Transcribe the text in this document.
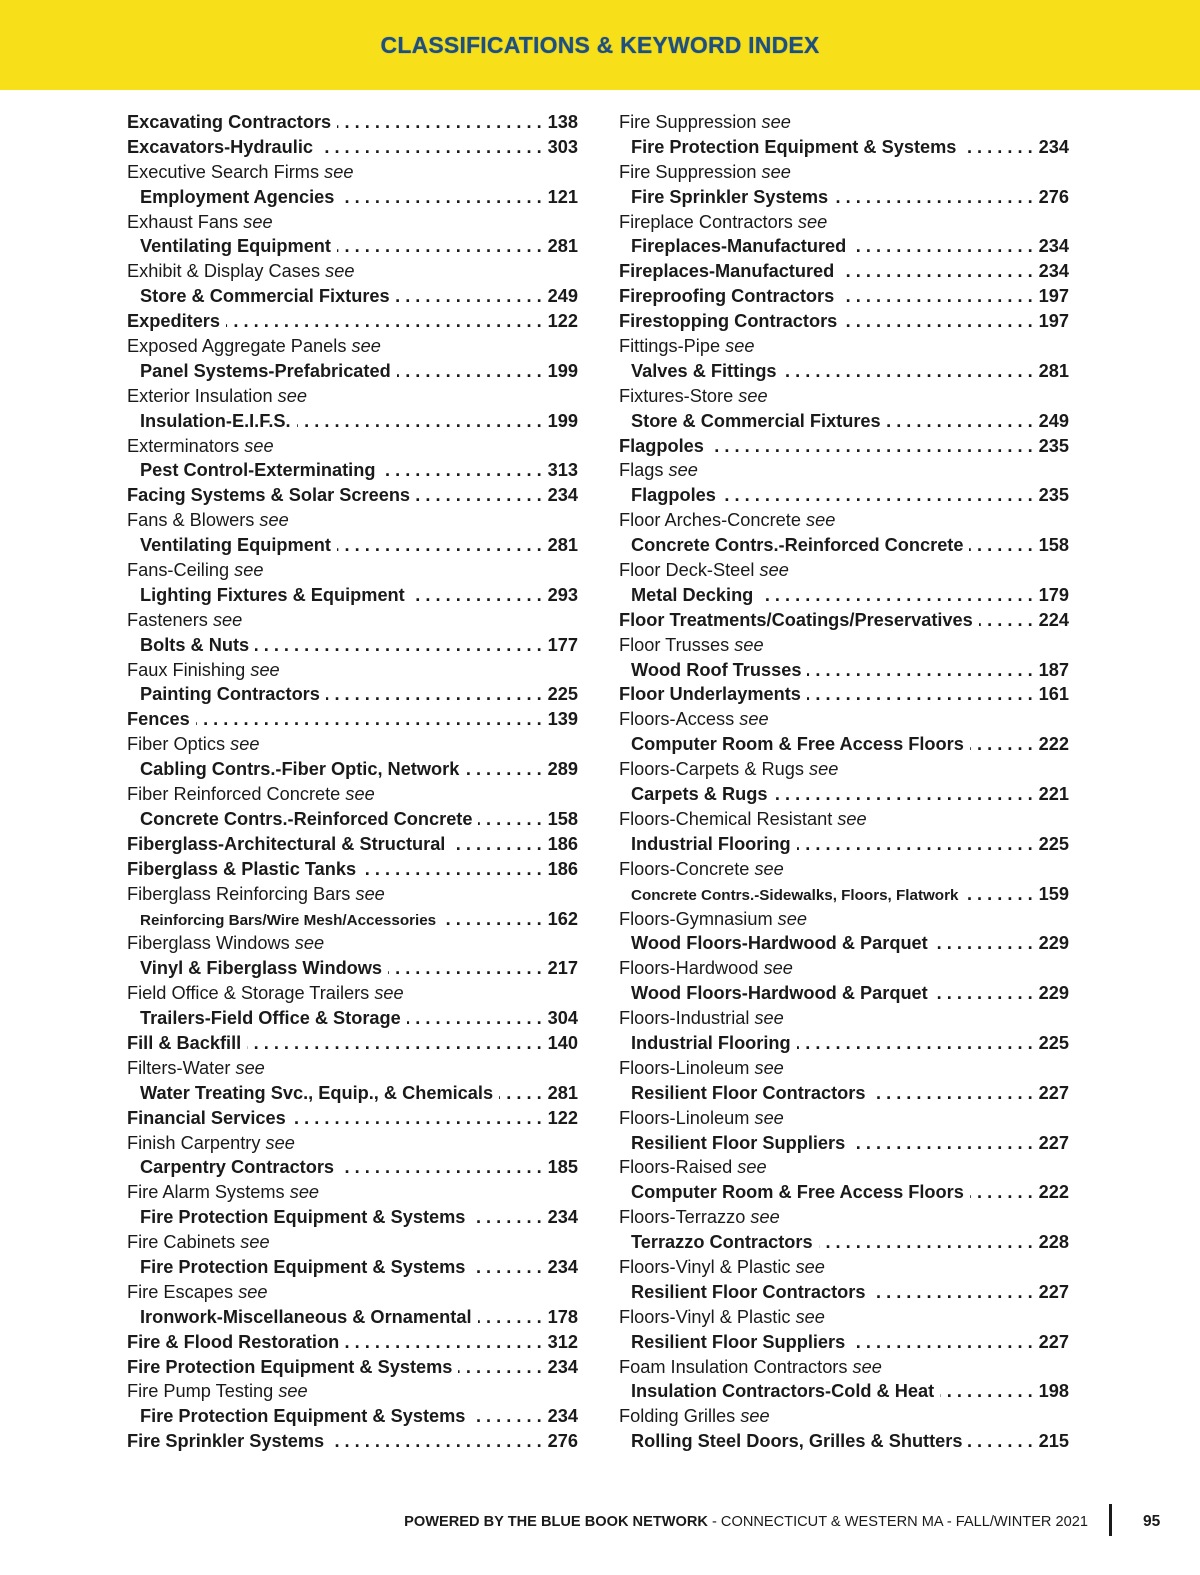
CLASSIFICATIONS & KEYWORD INDEX
Excavating Contractors . . .	138
Excavators-Hydraulic . . .	303
Executive Search Firms see
Employment Agencies . . .	121
Exhaust Fans see
Ventilating Equipment . . .	281
Exhibit & Display Cases see
Store & Commercial Fixtures . . .	249
Expediters . . .	122
Exposed Aggregate Panels see
Panel Systems-Prefabricated . . .	199
Exterior Insulation see
Insulation-E.I.F.S. . . .	199
Exterminators see
Pest Control-Exterminating . . .	313
Facing Systems & Solar Screens . . .	234
Fans & Blowers see
Ventilating Equipment . . .	281
Fans-Ceiling see
Lighting Fixtures & Equipment . . .	293
Fasteners see
Bolts & Nuts . . .	177
Faux Finishing see
Painting Contractors . . .	225
Fences . . .	139
Fiber Optics see
Cabling Contrs.-Fiber Optic, Network . . .	289
Fiber Reinforced Concrete see
Concrete Contrs.-Reinforced Concrete . . .	158
Fiberglass-Architectural & Structural . . .	186
Fiberglass & Plastic Tanks . . .	186
Fiberglass Reinforcing Bars see
Reinforcing Bars/Wire Mesh/Accessories . . .	162
Fiberglass Windows see
Vinyl & Fiberglass Windows . . .	217
Field Office & Storage Trailers see
Trailers-Field Office & Storage . . .	304
Fill & Backfill . . .	140
Filters-Water see
Water Treating Svc., Equip., & Chemicals . . .	281
Financial Services . . .	122
Finish Carpentry see
Carpentry Contractors . . .	185
Fire Alarm Systems see
Fire Protection Equipment & Systems . . .	234
Fire Cabinets see
Fire Protection Equipment & Systems . . .	234
Fire Escapes see
Ironwork-Miscellaneous & Ornamental . . .	178
Fire & Flood Restoration . . .	312
Fire Protection Equipment & Systems . . .	234
Fire Pump Testing see
Fire Protection Equipment & Systems . . .	234
Fire Sprinkler Systems . . .	276
Fire Suppression see
Fire Protection Equipment & Systems . . .	234
Fire Suppression see
Fire Sprinkler Systems . . .	276
Fireplace Contractors see
Fireplaces-Manufactured . . .	234
Fireplaces-Manufactured . . .	234
Fireproofing Contractors . . .	197
Firestopping Contractors . . .	197
Fittings-Pipe see
Valves & Fittings . . .	281
Fixtures-Store see
Store & Commercial Fixtures . . .	249
Flagpoles . . .	235
Flags see
Flagpoles . . .	235
Floor Arches-Concrete see
Concrete Contrs.-Reinforced Concrete . . .	158
Floor Deck-Steel see
Metal Decking . . .	179
Floor Treatments/Coatings/Preservatives . . .	224
Floor Trusses see
Wood Roof Trusses . . .	187
Floor Underlayments . . .	161
Floors-Access see
Computer Room & Free Access Floors . . .	222
Floors-Carpets & Rugs see
Carpets & Rugs . . .	221
Floors-Chemical Resistant see
Industrial Flooring . . .	225
Floors-Concrete see
Concrete Contrs.-Sidewalks, Floors, Flatwork . . .	159
Floors-Gymnasium see
Wood Floors-Hardwood & Parquet . . .	229
Floors-Hardwood see
Wood Floors-Hardwood & Parquet . . .	229
Floors-Industrial see
Industrial Flooring . . .	225
Floors-Linoleum see
Resilient Floor Contractors . . .	227
Floors-Linoleum see
Resilient Floor Suppliers . . .	227
Floors-Raised see
Computer Room & Free Access Floors . . .	222
Floors-Terrazzo see
Terrazzo Contractors . . .	228
Floors-Vinyl & Plastic see
Resilient Floor Contractors . . .	227
Floors-Vinyl & Plastic see
Resilient Floor Suppliers . . .	227
Foam Insulation Contractors see
Insulation Contractors-Cold & Heat . . .	198
Folding Grilles see
Rolling Steel Doors, Grilles & Shutters . . .	215
POWERED BY THE BLUE BOOK NETWORK - CONNECTICUT & WESTERN MA - FALL/WINTER 2021	95
